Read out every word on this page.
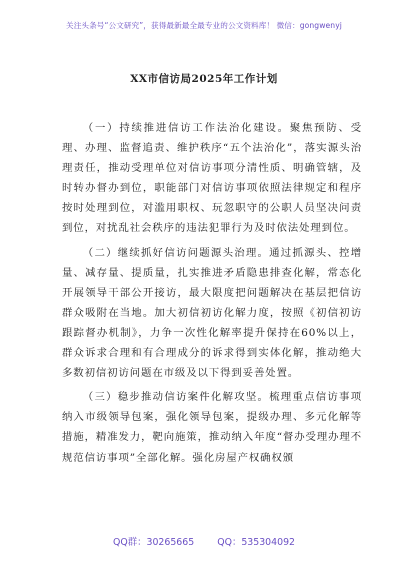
关注头条号“公文研究”，获得最新最全最专业的公文资料库！ 微信：gongwenyj
XX市信访局2025年工作计划

（一）持续推进信访工作法治化建设。聚焦预防、受理、办理、监督追责、维护秩序“五个法治化”，落实源头治理责任，推动受理单位对信访事项分清性质、明确管辖，及时转办督办到位，职能部门对信访事项依照法律规定和程序按时处理到位，对滥用职权、玩忽职守的公职人员坚决问责到位，对扰乱社会秩序的违法犯罪行为及时依法处理到位。

（二）继续抓好信访问题源头治理。通过抓源头、控增量、减存量、提质量，扎实推进矛盾隐患排查化解，常态化开展领导干部公开接访，最大限度把问题解决在基层把信访群众吸附在当地。加大初信初访化解力度，按照《初信初访跟踪督办机制》，力争一次性化解率提升保持在60%以上，群众诉求合理和有合理成分的诉求得到实体化解，推动绝大多数初信初访问题在市级及以下得到妥善处置。

（三）稳步推动信访案件化解攻坚。梳理重点信访事项纳入市级领导包案，强化领导包案，提级办理、多元化解等措施，精准发力，靶向施策，推动纳入年度“督办受理办理不规范信访事项”全部化解。强化房屋产权确权颁

QQ群：30265665 QQ：535304092
